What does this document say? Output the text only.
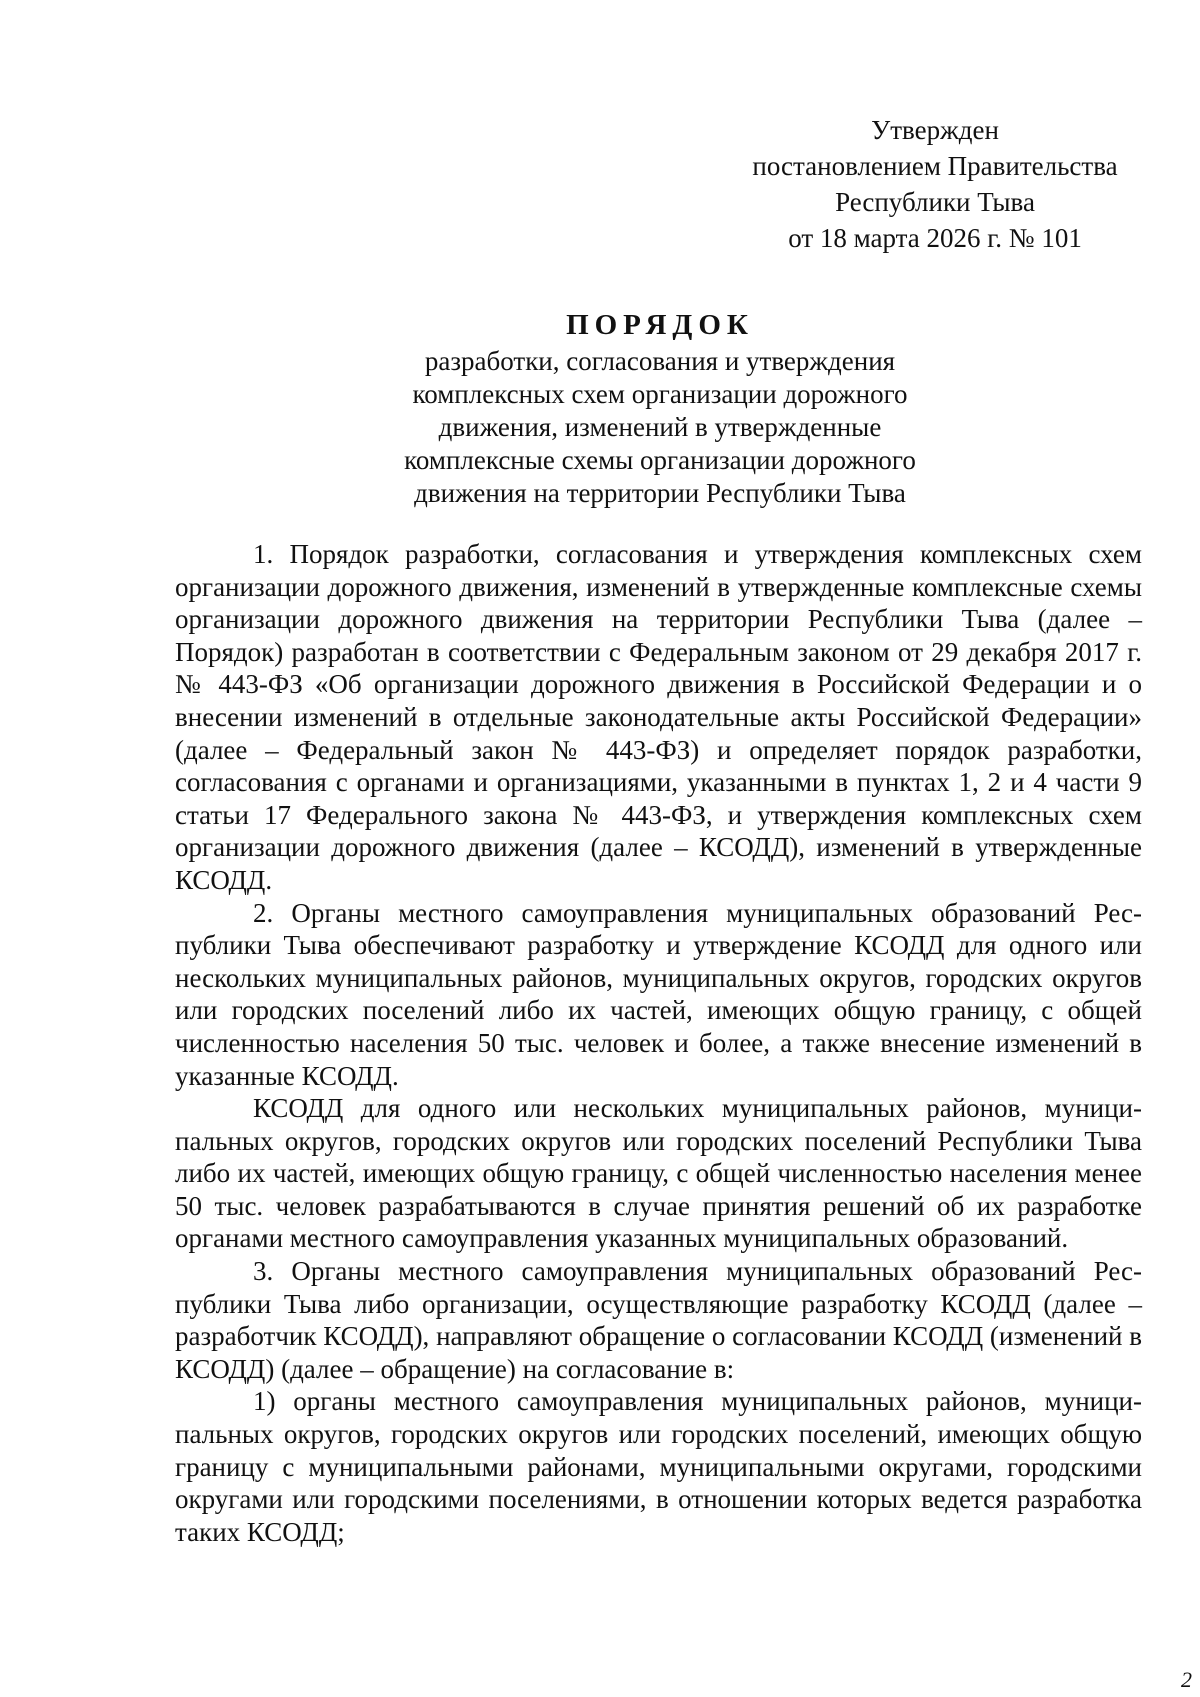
Утвержден
постановлением Правительства
Республики Тыва
от 18 марта 2026 г. № 101
ПОРЯДОК
разработки, согласования и утверждения
комплексных схем организации дорожного
движения, изменений в утвержденные
комплексные схемы организации дорожного
движения на территории Республики Тыва

1. Порядок разработки, согласования и утверждения комплексных схем организации дорожного движения, изменений в утвержденные комплексные схемы организации дорожного движения на территории Республики Тыва (далее – Порядок) разработан в соответствии с Федеральным законом от 29 декабря 2017 г. № 443-ФЗ «Об организации дорожного движения в Российской Федерации и о внесении изменений в отдельные законодательные акты Российской Федерации» (далее – Федеральный закон № 443-ФЗ) и определяет порядок разработки, согласования с органами и организациями, указанными в пунктах 1, 2 и 4 части 9 статьи 17 Федерального закона № 443-ФЗ, и утверждения комплексных схем организации дорожного движения (далее – КСОДД), изменений в утвержденные КСОДД.

2. Органы местного самоуправления муниципальных образований Республики Тыва обеспечивают разработку и утверждение КСОДД для одного или нескольких муниципальных районов, муниципальных округов, городских округов или городских поселений либо их частей, имеющих общую границу, с общей численностью населения 50 тыс. человек и более, а также внесение изменений в указанные КСОДД.

КСОДД для одного или нескольких муниципальных районов, муниципальных округов, городских округов или городских поселений Республики Тыва либо их частей, имеющих общую границу, с общей численностью населения менее 50 тыс. человек разрабатываются в случае принятия решений об их разработке органами местного самоуправления указанных муниципальных образований.

3. Органы местного самоуправления муниципальных образований Республики Тыва либо организации, осуществляющие разработку КСОДД (далее – разработчик КСОДД), направляют обращение о согласовании КСОДД (изменений в КСОДД) (далее – обращение) на согласование в:

1) органы местного самоуправления муниципальных районов, муниципальных округов, городских округов или городских поселений, имеющих общую границу с муниципальными районами, муниципальными округами, городскими округами или городскими поселениями, в отношении которых ведется разработка таких КСОДД;

2
